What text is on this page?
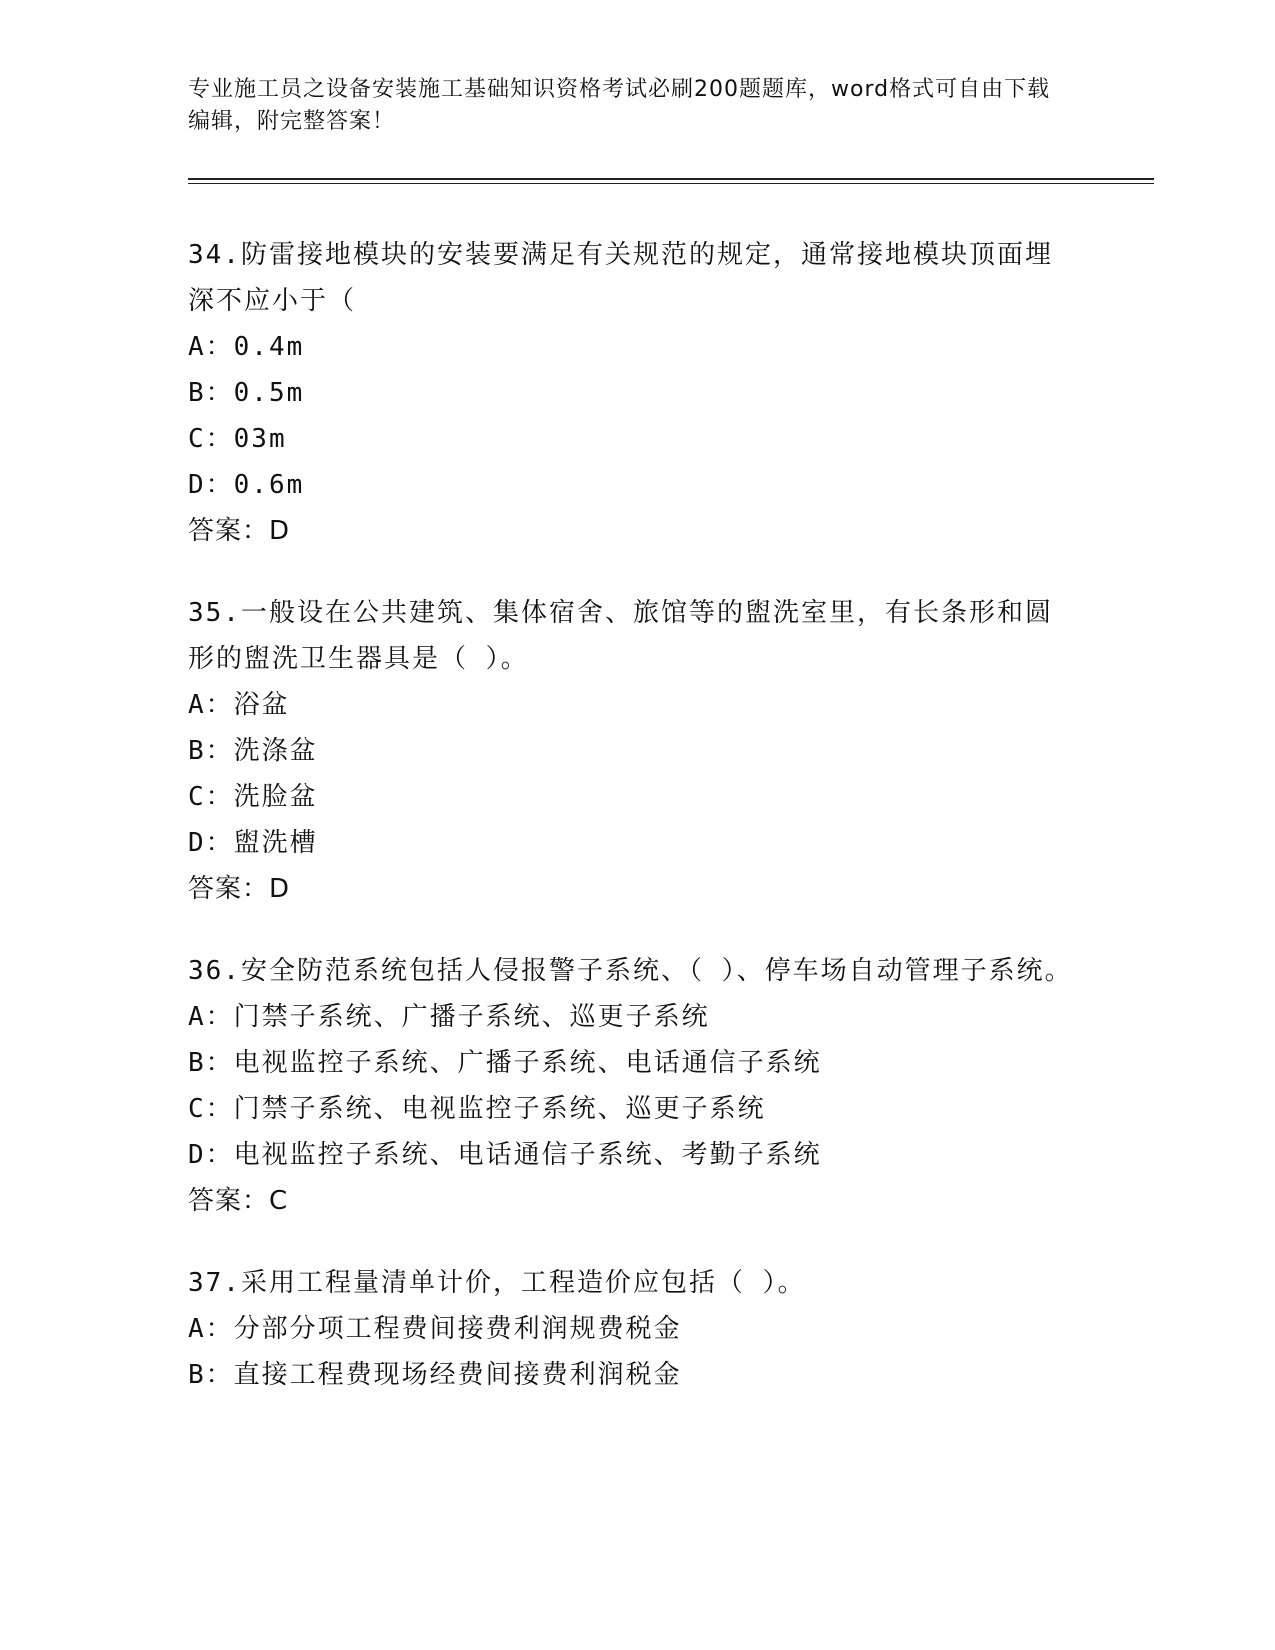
专业施工员之设备安装施工基础知识资格考试必刷200题题库，word格式可自由下载编辑，附完整答案！
34.防雷接地模块的安装要满足有关规范的规定，通常接地模块顶面埋深不应小于（
A：0.4m
B：0.5m
C：03m
D：0.6m
答案：D
35.一般设在公共建筑、集体宿舍、旅馆等的盥洗室里，有长条形和圆形的盥洗卫生器具是（ ）。
A：浴盆
B：洗涤盆
C：洗脸盆
D：盥洗槽
答案：D
36.安全防范系统包括人侵报警子系统、（ ）、停车场自动管理子系统。
A：门禁子系统、广播子系统、巡更子系统
B：电视监控子系统、广播子系统、电话通信子系统
C：门禁子系统、电视监控子系统、巡更子系统
D：电视监控子系统、电话通信子系统、考勤子系统
答案：C
37.采用工程量清单计价，工程造价应包括（ ）。
A：分部分项工程费间接费利润规费税金
B：直接工程费现场经费间接费利润税金
